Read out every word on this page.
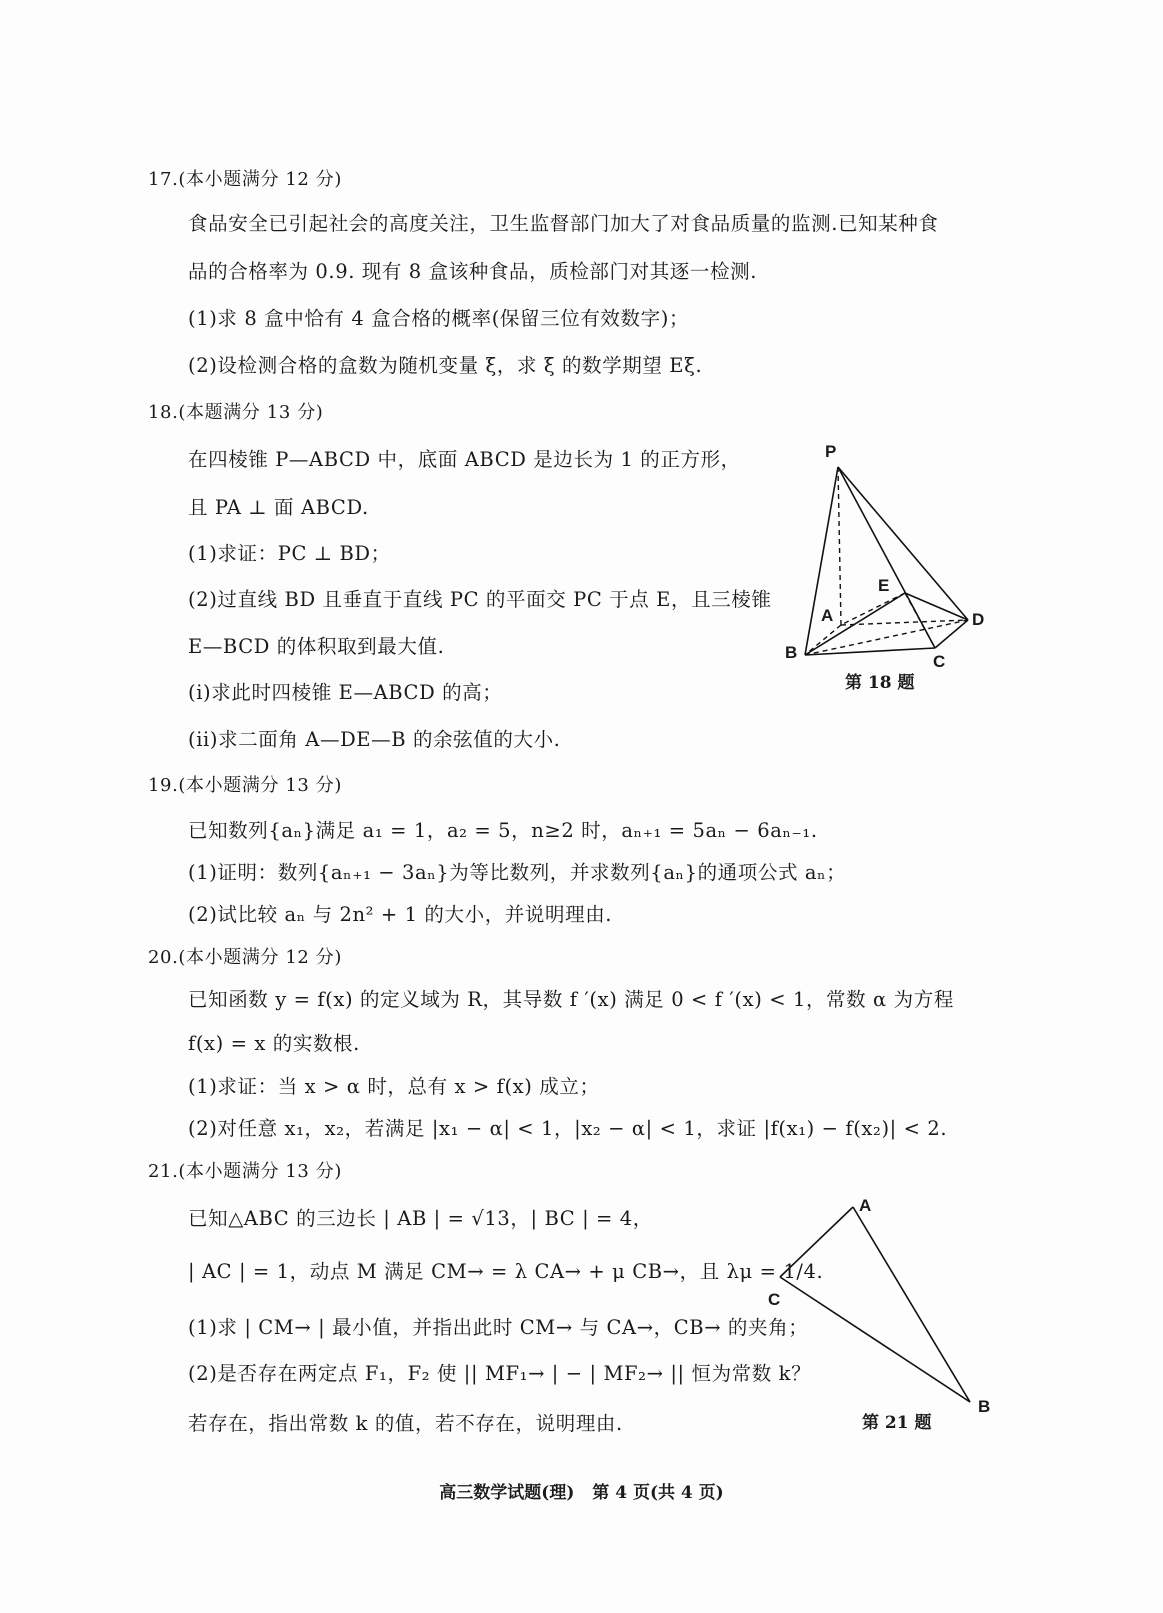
17.(本小题满分 12 分)
食品安全已引起社会的高度关注，卫生监督部门加大了对食品质量的监测.已知某种食
品的合格率为 0.9. 现有 8 盒该种食品，质检部门对其逐一检测.
(1)求 8 盒中恰有 4 盒合格的概率(保留三位有效数字)；
(2)设检测合格的盒数为随机变量 ξ，求 ξ 的数学期望 Eξ.
18.(本题满分 13 分)
在四棱锥 P—ABCD 中，底面 ABCD 是边长为 1 的正方形，
且 PA ⊥ 面 ABCD.
(1)求证：PC ⊥ BD；
(2)过直线 BD 且垂直于直线 PC 的平面交 PC 于点 E，且三棱锥
E—BCD 的体积取到最大值.
(i)求此时四棱锥 E—ABCD 的高；
(ii)求二面角 A—DE—B 的余弦值的大小.
P
E
A	D
B	C
第 18 题
19.(本小题满分 13 分)
已知数列{aₙ}满足 a₁ = 1，a₂ = 5，n≥2 时，aₙ₊₁ = 5aₙ − 6aₙ₋₁.
(1)证明：数列{aₙ₊₁ − 3aₙ}为等比数列，并求数列{aₙ}的通项公式 aₙ；
(2)试比较 aₙ 与 2n² + 1 的大小，并说明理由.
20.(本小题满分 12 分)
已知函数 y = f(x) 的定义域为 R，其导数 f ′(x) 满足 0 < f ′(x) < 1，常数 α 为方程
f(x) = x 的实数根.
(1)求证：当 x > α 时，总有 x > f(x) 成立；
(2)对任意 x₁，x₂，若满足 |x₁ − α| < 1，|x₂ − α| < 1，求证 |f(x₁) − f(x₂)| < 2.
21.(本小题满分 13 分)
已知△ABC 的三边长 | AB | = √13，| BC | = 4，
| AC | = 1，动点 M 满足 CM→ = λ CA→ + μ CB→，且 λμ = 1/4.
(1)求 | CM→ | 最小值，并指出此时 CM→ 与 CA→，CB→ 的夹角；
(2)是否存在两定点 F₁，F₂ 使 || MF₁→ | − | MF₂→ || 恒为常数 k？
若存在，指出常数 k 的值，若不存在，说明理由.
A
C
B
第 21 题
高三数学试题(理) 第 4 页(共 4 页)
